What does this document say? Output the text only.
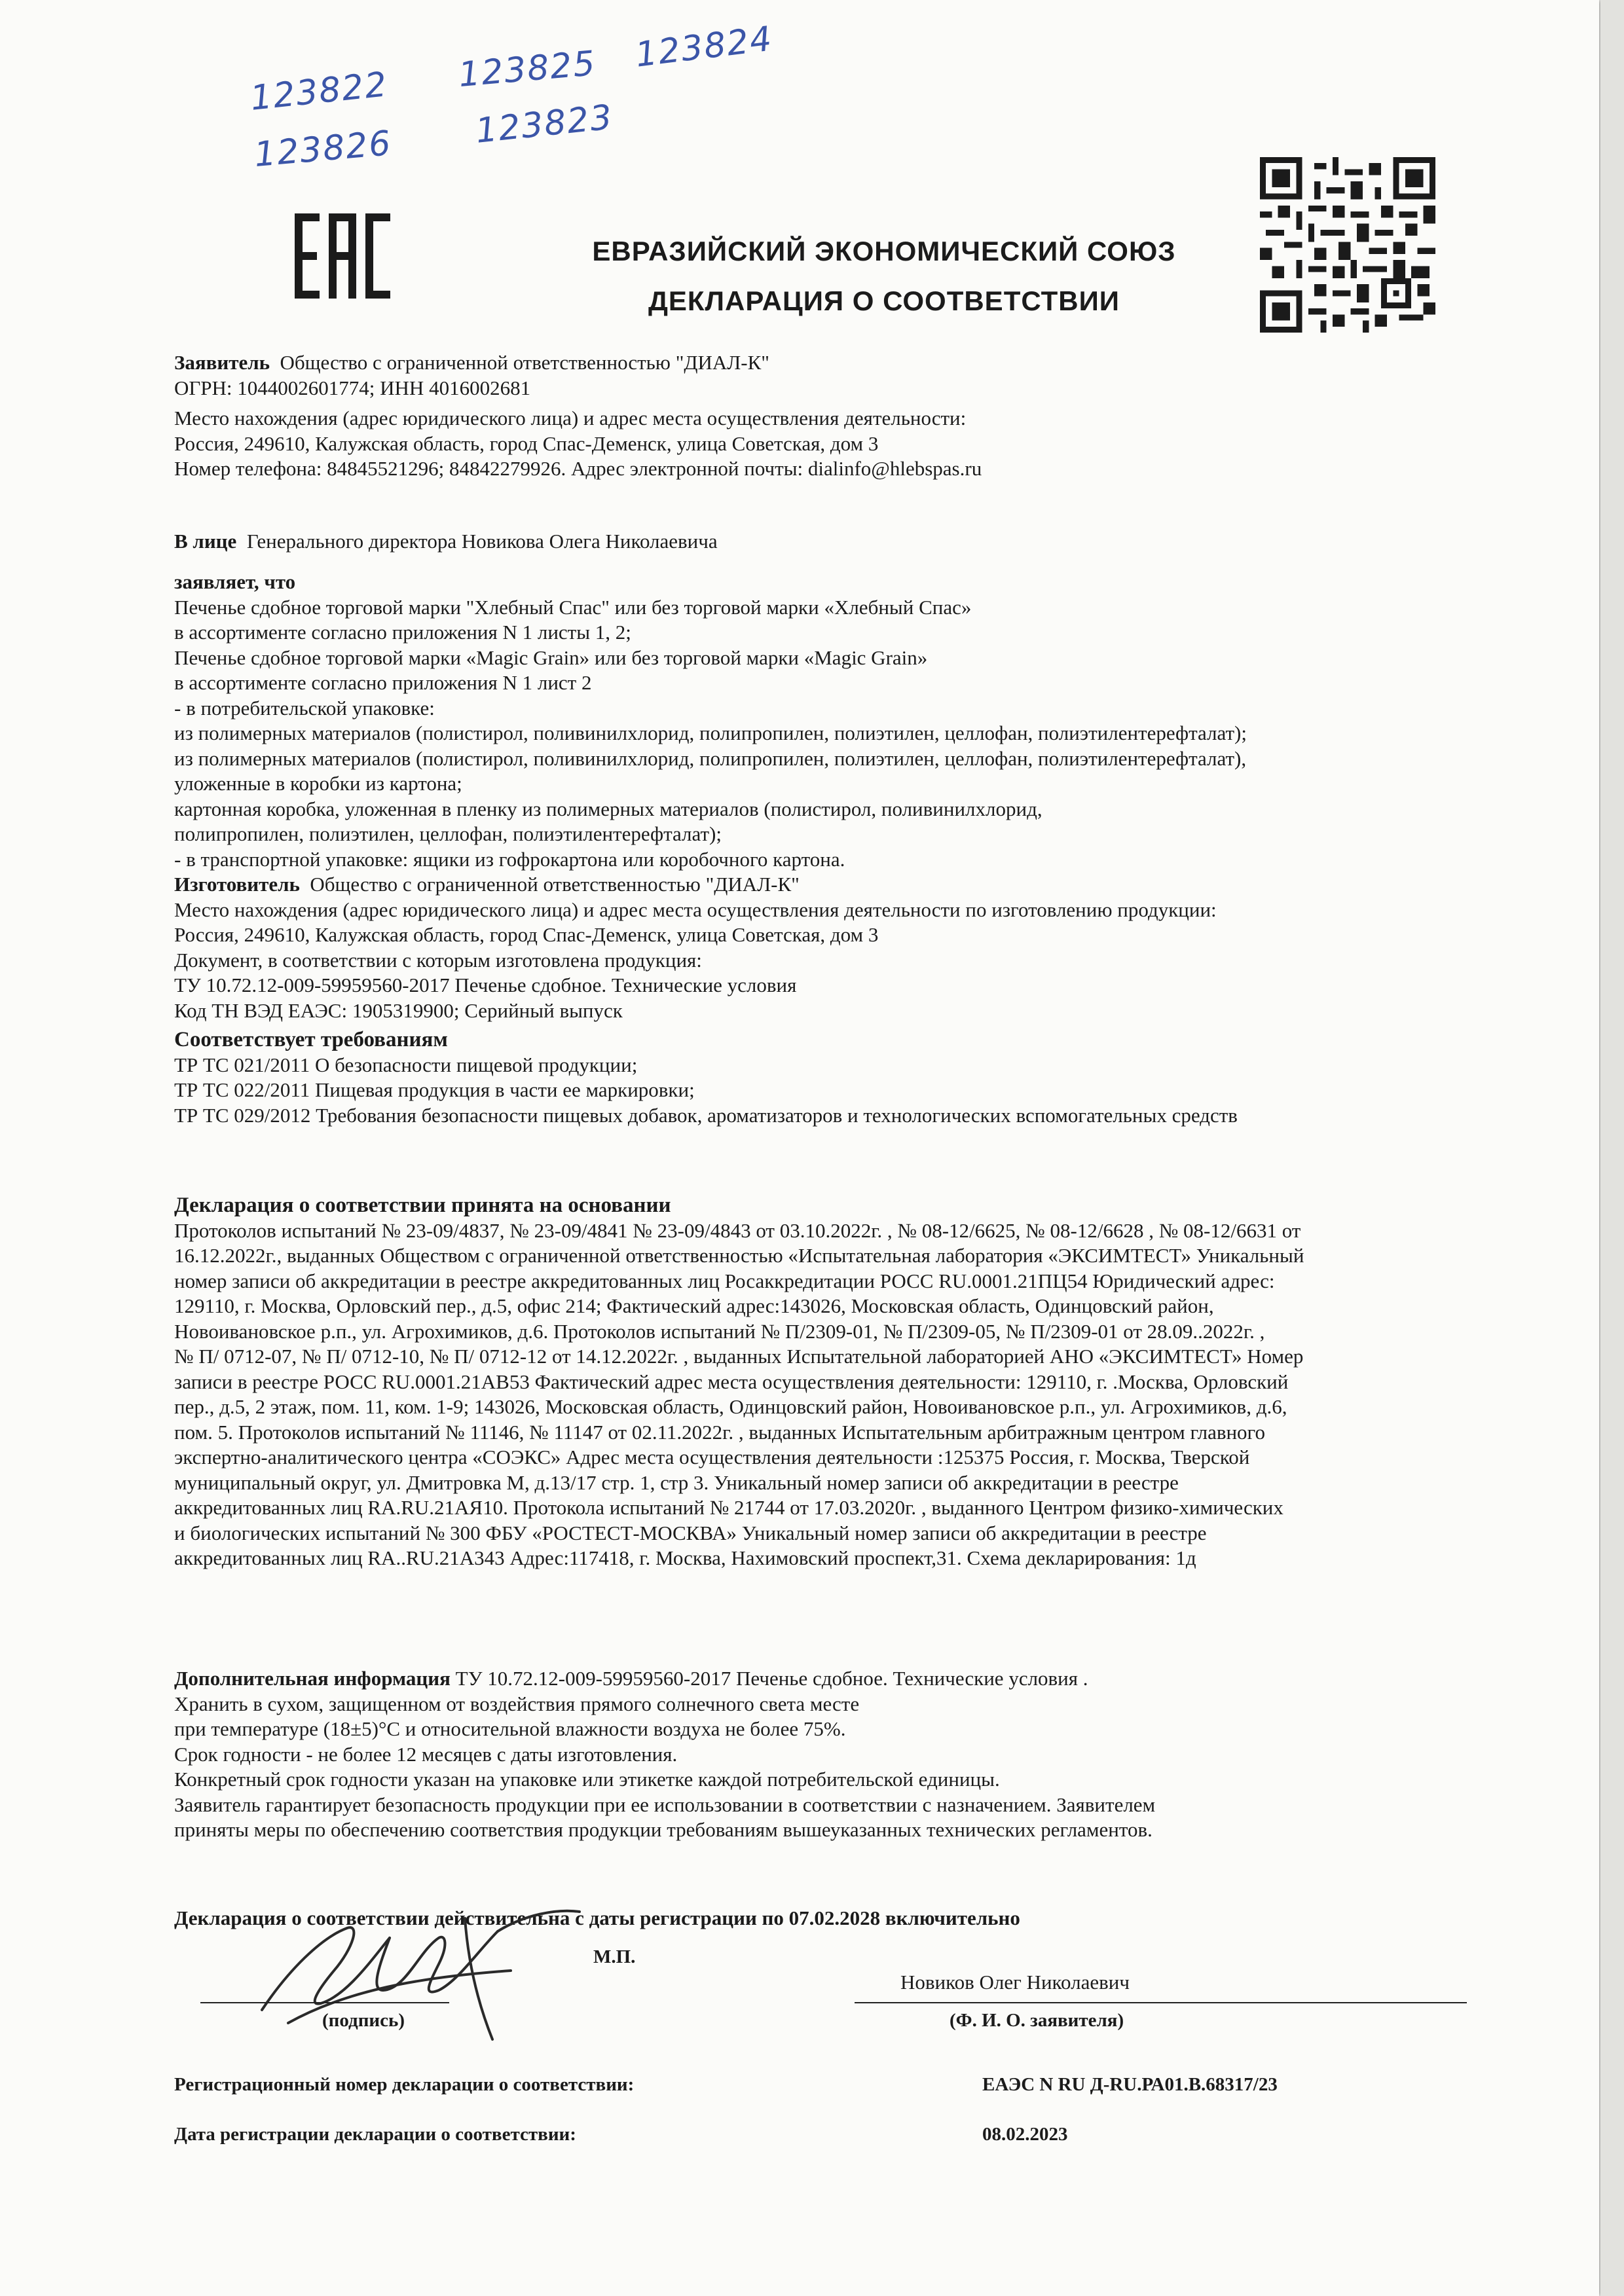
123822 123825 123824
123826 123823
ЕВРАЗИЙСКИЙ ЭКОНОМИЧЕСКИЙ СОЮЗ
ДЕКЛАРАЦИЯ О СООТВЕТСТВИИ

Заявитель Общество с ограниченной ответственностью "ДИАЛ-К"

ОГРН: 1044002601774; ИНН 4016002681

Место нахождения (адрес юридического лица) и адрес места осуществления деятельности:

Россия, 249610, Калужская область, город Спас-Деменск, улица Советская, дом 3

Номер телефона: 84845521296; 84842279926. Адрес электронной почты: dialinfo@hlebspas.ru

В лице Генерального директора Новикова Олега Николаевича

заявляет, что

Печенье сдобное торговой марки "Хлебный Спас" или без торговой марки «Хлебный Спас»

в ассортименте согласно приложения N 1 листы 1, 2;

Печенье сдобное торговой марки «Magic Grain» или без торговой марки «Magic Grain»

в ассортименте согласно приложения N 1 лист 2

- в потребительской упаковке:

из полимерных материалов (полистирол, поливинилхлорид, полипропилен, полиэтилен, целлофан, полиэтилентерефталат);

из полимерных материалов (полистирол, поливинилхлорид, полипропилен, полиэтилен, целлофан, полиэтилентерефталат),

уложенные в коробки из картона;

картонная коробка, уложенная в пленку из полимерных материалов (полистирол, поливинилхлорид,

полипропилен, полиэтилен, целлофан, полиэтилентерефталат);

- в транспортной упаковке: ящики из гофрокартона или коробочного картона.

Изготовитель Общество с ограниченной ответственностью "ДИАЛ-К"

Место нахождения (адрес юридического лица) и адрес места осуществления деятельности по изготовлению продукции:

Россия, 249610, Калужская область, город Спас-Деменск, улица Советская, дом 3

Документ, в соответствии с которым изготовлена продукция:

ТУ 10.72.12-009-59959560-2017 Печенье сдобное. Технические условия

Код ТН ВЭД ЕАЭС: 1905319900; Серийный выпуск

Соответствует требованиям

ТР ТС 021/2011 О безопасности пищевой продукции;

ТР ТС 022/2011 Пищевая продукция в части ее маркировки;

ТР ТС 029/2012 Требования безопасности пищевых добавок, ароматизаторов и технологических вспомогательных средств

Декларация о соответствии принята на основании

Протоколов испытаний № 23-09/4837, № 23-09/4841 № 23-09/4843 от 03.10.2022г. , № 08-12/6625, № 08-12/6628 , № 08-12/6631 от

16.12.2022г., выданных Обществом с ограниченной ответственностью «Испытательная лаборатория «ЭКСИМТЕСТ» Уникальный

номер записи об аккредитации в реестре аккредитованных лиц Росаккредитации РОСС RU.0001.21ПЦ54 Юридический адрес:

129110, г. Москва, Орловский пер., д.5, офис 214; Фактический адрес:143026, Московская область, Одинцовский район,

Новоивановское р.п., ул. Агрохимиков, д.6. Протоколов испытаний № П/2309-01, № П/2309-05, № П/2309-01 от 28.09..2022г. ,

№ П/ 0712-07, № П/ 0712-10, № П/ 0712-12 от 14.12.2022г. , выданных Испытательной лабораторией АНО «ЭКСИМТЕСТ» Номер

записи в реестре РОСС RU.0001.21АВ53 Фактический адрес места осуществления деятельности: 129110, г. .Москва, Орловский

пер., д.5, 2 этаж, пом. 11, ком. 1-9; 143026, Московская область, Одинцовский район, Новоивановское р.п., ул. Агрохимиков, д.6,

пом. 5. Протоколов испытаний № 11146, № 11147 от 02.11.2022г. , выданных Испытательным арбитражным центром главного

экспертно-аналитического центра «СОЭКС» Адрес места осуществления деятельности :125375 Россия, г. Москва, Тверской

муниципальный округ, ул. Дмитровка М, д.13/17 стр. 1, стр 3. Уникальный номер записи об аккредитации в реестре

аккредитованных лиц RA.RU.21АЯ10. Протокола испытаний № 21744 от 17.03.2020г. , выданного Центром физико-химических

и биологических испытаний № 300 ФБУ «РОСТЕСТ-МОСКВА» Уникальный номер записи об аккредитации в реестре

аккредитованных лиц RA..RU.21А343 Адрес:117418, г. Москва, Нахимовский проспект,31. Схема декларирования: 1д

Дополнительная информация ТУ 10.72.12-009-59959560-2017 Печенье сдобное. Технические условия .

Хранить в сухом, защищенном от воздействия прямого солнечного света месте

при температуре (18±5)°С и относительной влажности воздуха не более 75%.

Срок годности - не более 12 месяцев с даты изготовления.

Конкретный срок годности указан на упаковке или этикетке каждой потребительской единицы.

Заявитель гарантирует безопасность продукции при ее использовании в соответствии с назначением. Заявителем

приняты меры по обеспечению соответствия продукции требованиям вышеуказанных технических регламентов.

Декларация о соответствии действительна с даты регистрации по 07.02.2028 включительно
М.П.
Новиков Олег Николаевич
(подпись)	(Ф. И. О. заявителя)
Регистрационный номер декларации о соответствии:	ЕАЭС N RU Д-RU.РА01.В.68317/23
Дата регистрации декларации о соответствии:	08.02.2023
